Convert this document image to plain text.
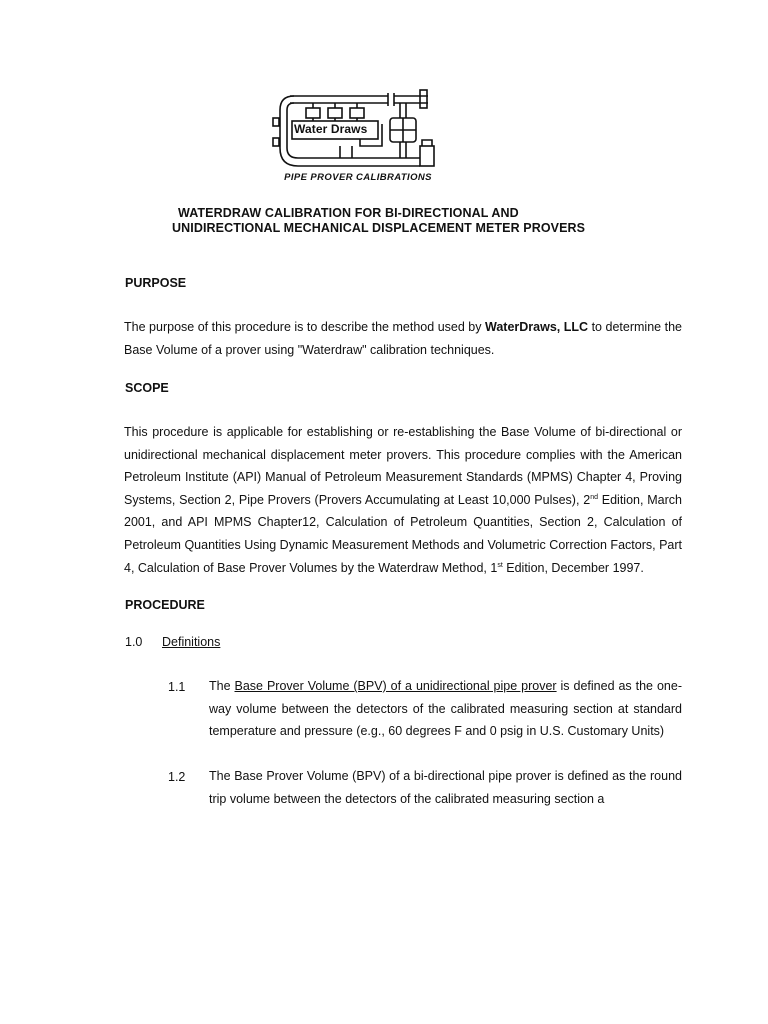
Water Draws
PIPE PROVER CALIBRATIONS
WATERDRAW CALIBRATION FOR BI-DIRECTIONAL AND
UNIDIRECTIONAL MECHANICAL DISPLACEMENT METER PROVERS
PURPOSE
The purpose of this procedure is to describe the method used by WaterDraws, LLC to determine the Base Volume of a prover using "Waterdraw" calibration techniques.
SCOPE
This procedure is applicable for establishing or re-establishing the Base Volume of bi-directional or unidirectional mechanical displacement meter provers. This procedure complies with the American Petroleum Institute (API) Manual of Petroleum Measurement Standards (MPMS) Chapter 4, Proving Systems, Section 2, Pipe Provers (Provers Accumulating at Least 10,000 Pulses), 2nd Edition, March 2001, and API MPMS Chapter12, Calculation of Petroleum Quantities, Section 2, Calculation of Petroleum Quantities Using Dynamic Measurement Methods and Volumetric Correction Factors, Part 4, Calculation of Base Prover Volumes by the Waterdraw Method, 1st Edition, December 1997.
PROCEDURE
1.0 Definitions
1.1 The Base Prover Volume (BPV) of a unidirectional pipe prover is defined as the one-way volume between the detectors of the calibrated measuring section at standard temperature and pressure (e.g., 60 degrees F and 0 psig in U.S. Customary Units)
1.2 The Base Prover Volume (BPV) of a bi-directional pipe prover is defined as the round trip volume between the detectors of the calibrated measuring section a
